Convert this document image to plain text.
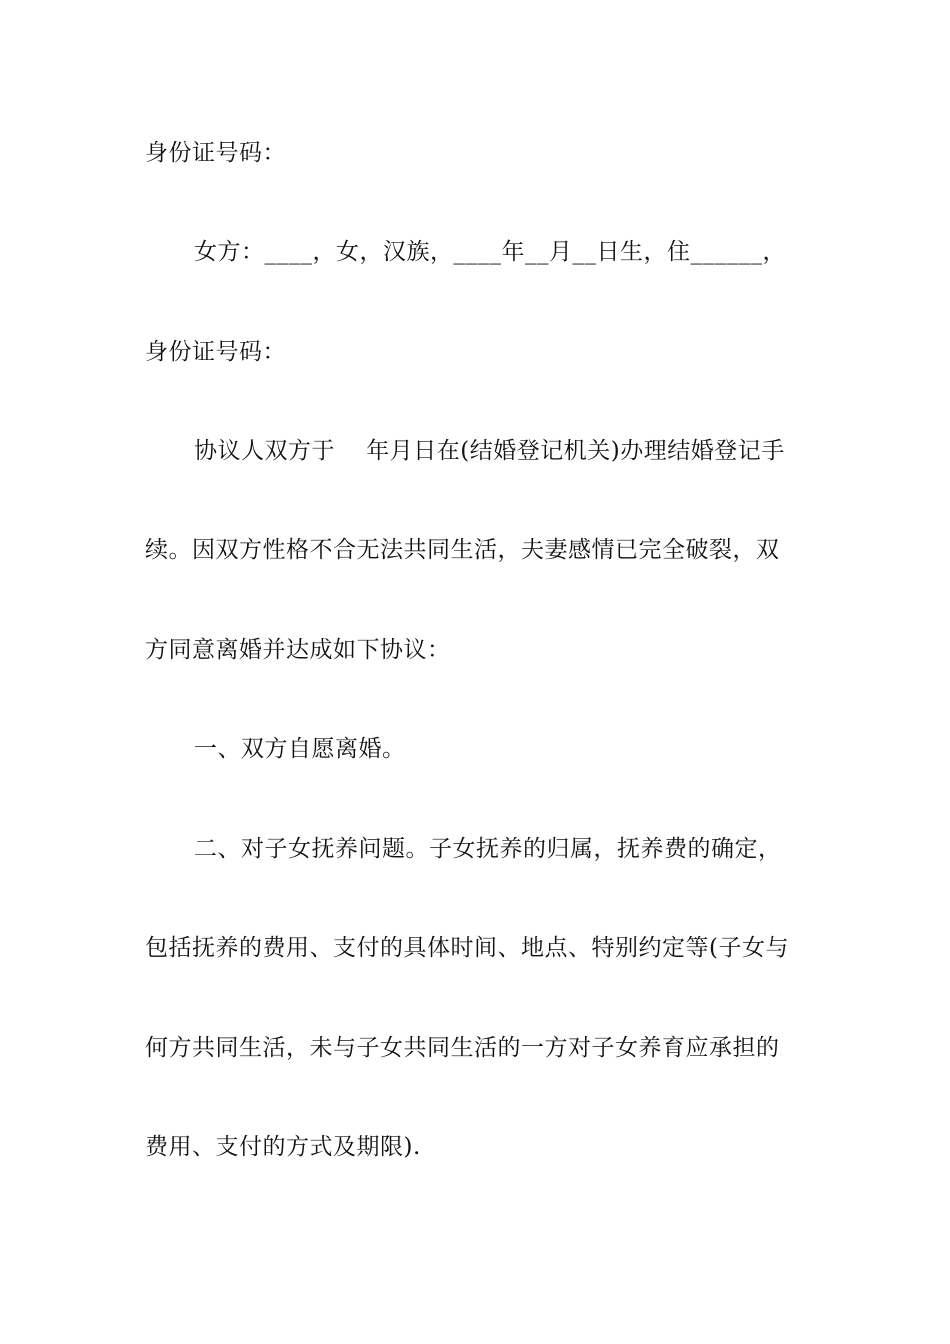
身份证号码：
女方：____，女，汉族，____年__月__日生，住______，
身份证号码：
协议人双方于　 年月日在(结婚登记机关)办理结婚登记手
续。因双方性格不合无法共同生活，夫妻感情已完全破裂，双
方同意离婚并达成如下协议：
一、双方自愿离婚。
二、对子女抚养问题。子女抚养的归属，抚养费的确定，
包括抚养的费用、支付的具体时间、地点、特别约定等(子女与
何方共同生活，未与子女共同生活的一方对子女养育应承担的
费用、支付的方式及期限).
